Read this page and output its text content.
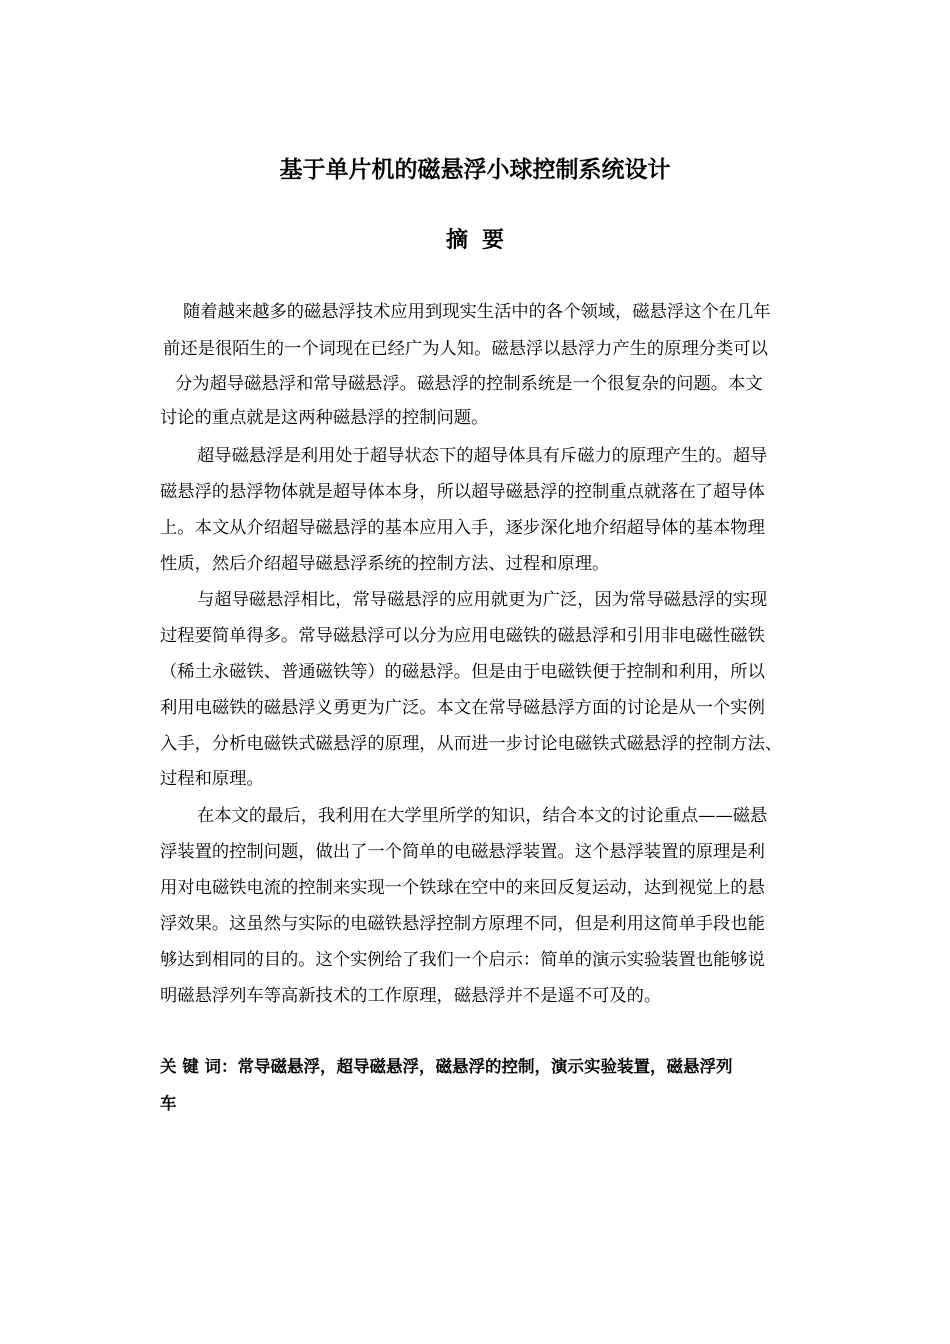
基于单片机的磁悬浮小球控制系统设计
摘要
随着越来越多的磁悬浮技术应用到现实生活中的各个领域，磁悬浮这个在几年
前还是很陌生的一个词现在已经广为人知。磁悬浮以悬浮力产生的原理分类可以
分为超导磁悬浮和常导磁悬浮。磁悬浮的控制系统是一个很复杂的问题。本文
讨论的重点就是这两种磁悬浮的控制问题。
超导磁悬浮是利用处于超导状态下的超导体具有斥磁力的原理产生的。超导
磁悬浮的悬浮物体就是超导体本身，所以超导磁悬浮的控制重点就落在了超导体
上。本文从介绍超导磁悬浮的基本应用入手，逐步深化地介绍超导体的基本物理
性质，然后介绍超导磁悬浮系统的控制方法、过程和原理。
与超导磁悬浮相比，常导磁悬浮的应用就更为广泛，因为常导磁悬浮的实现
过程要简单得多。常导磁悬浮可以分为应用电磁铁的磁悬浮和引用非电磁性磁铁
（稀土永磁铁、普通磁铁等）的磁悬浮。但是由于电磁铁便于控制和利用，所以
利用电磁铁的磁悬浮义勇更为广泛。本文在常导磁悬浮方面的讨论是从一个实例
入手，分析电磁铁式磁悬浮的原理，从而进一步讨论电磁铁式磁悬浮的控制方法、
过程和原理。
在本文的最后，我利用在大学里所学的知识，结合本文的讨论重点——磁悬
浮装置的控制问题，做出了一个简单的电磁悬浮装置。这个悬浮装置的原理是利
用对电磁铁电流的控制来实现一个铁球在空中的来回反复运动，达到视觉上的悬
浮效果。这虽然与实际的电磁铁悬浮控制方原理不同，但是利用这简单手段也能
够达到相同的目的。这个实例给了我们一个启示：简单的演示实验装置也能够说
明磁悬浮列车等高新技术的工作原理，磁悬浮并不是遥不可及的。
关 键 词：常导磁悬浮，超导磁悬浮，磁悬浮的控制，演示实验装置，磁悬浮列
车
